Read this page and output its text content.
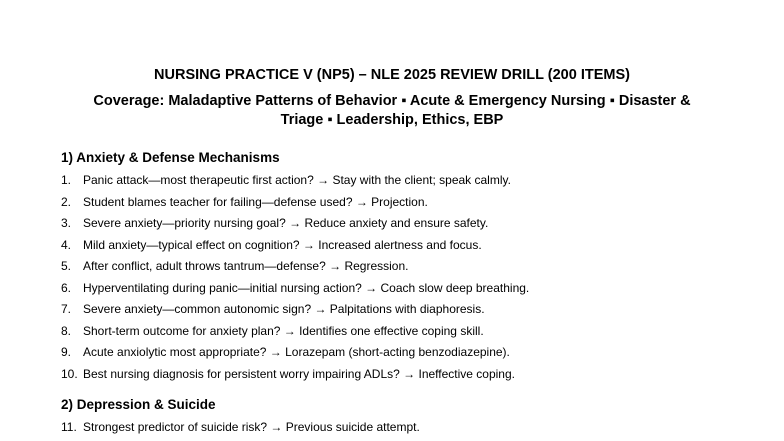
NURSING PRACTICE V (NP5) – NLE 2025 REVIEW DRILL (200 ITEMS)
Coverage: Maladaptive Patterns of Behavior ▪ Acute & Emergency Nursing ▪ Disaster &
Triage ▪ Leadership, Ethics, EBP
1) Anxiety & Defense Mechanisms
1. Panic attack—most therapeutic first action? → Stay with the client; speak calmly.
2. Student blames teacher for failing—defense used? → Projection.
3. Severe anxiety—priority nursing goal? → Reduce anxiety and ensure safety.
4. Mild anxiety—typical effect on cognition? → Increased alertness and focus.
5. After conflict, adult throws tantrum—defense? → Regression.
6. Hyperventilating during panic—initial nursing action? → Coach slow deep breathing.
7. Severe anxiety—common autonomic sign? → Palpitations with diaphoresis.
8. Short-term outcome for anxiety plan? → Identifies one effective coping skill.
9. Acute anxiolytic most appropriate? → Lorazepam (short-acting benzodiazepine).
10. Best nursing diagnosis for persistent worry impairing ADLs? → Ineffective coping.
2) Depression & Suicide
11. Strongest predictor of suicide risk? → Previous suicide attempt.
